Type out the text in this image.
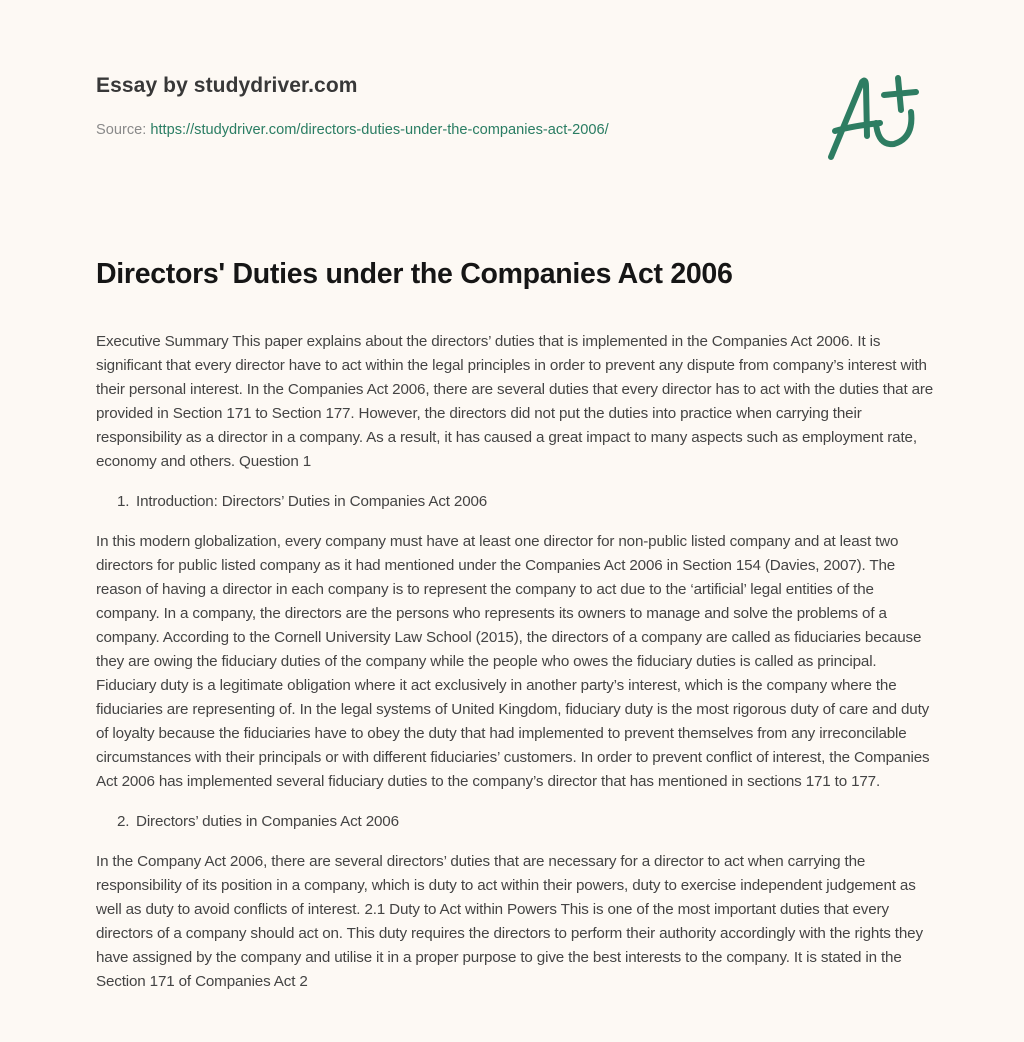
Essay by studydriver.com
Source: https://studydriver.com/directors-duties-under-the-companies-act-2006/
Directors' Duties under the Companies Act 2006

Executive Summary This paper explains about the directors’ duties that is implemented in the Companies Act 2006. It is significant that every director have to act within the legal principles in order to prevent any dispute from company’s interest with their personal interest. In the Companies Act 2006, there are several duties that every director has to act with the duties that are provided in Section 171 to Section 177. However, the directors did not put the duties into practice when carrying their responsibility as a director in a company. As a result, it has caused a great impact to many aspects such as employment rate, economy and others. Question 1

1. Introduction: Directors’ Duties in Companies Act 2006

In this modern globalization, every company must have at least one director for non-public listed company and at least two directors for public listed company as it had mentioned under the Companies Act 2006 in Section 154 (Davies, 2007). The reason of having a director in each company is to represent the company to act due to the ‘artificial’ legal entities of the company. In a company, the directors are the persons who represents its owners to manage and solve the problems of a company. According to the Cornell University Law School (2015), the directors of a company are called as fiduciaries because they are owing the fiduciary duties of the company while the people who owes the fiduciary duties is called as principal. Fiduciary duty is a legitimate obligation where it act exclusively in another party’s interest, which is the company where the fiduciaries are representing of. In the legal systems of United Kingdom, fiduciary duty is the most rigorous duty of care and duty of loyalty because the fiduciaries have to obey the duty that had implemented to prevent themselves from any irreconcilable circumstances with their principals or with different fiduciaries’ customers. In order to prevent conflict of interest, the Companies Act 2006 has implemented several fiduciary duties to the company’s director that has mentioned in sections 171 to 177.

2. Directors’ duties in Companies Act 2006

In the Company Act 2006, there are several directors’ duties that are necessary for a director to act when carrying the responsibility of its position in a company, which is duty to act within their powers, duty to exercise independent judgement as well as duty to avoid conflicts of interest. 2.1 Duty to Act within Powers This is one of the most important duties that every directors of a company should act on. This duty requires the directors to perform their authority accordingly with the rights they have assigned by the company and utilise it in a proper purpose to give the best interests to the company. It is stated in the Section 171 of Companies Act 2
